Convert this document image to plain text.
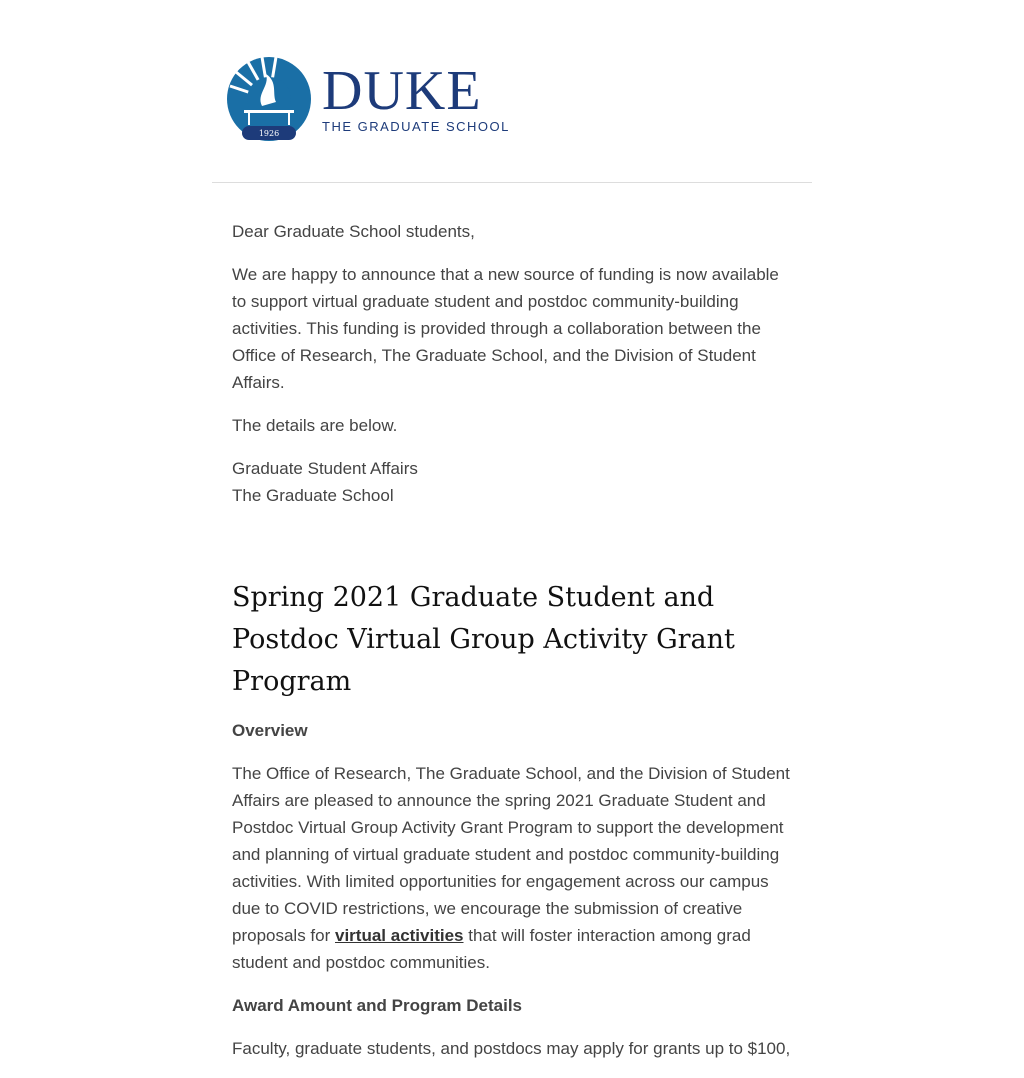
1926
DUKE
THE GRADUATE SCHOOL

Dear Graduate School students,

We are happy to announce that a new source of funding is now available to support virtual graduate student and postdoc community-building activities. This funding is provided through a collaboration between the Office of Research, The Graduate School, and the Division of Student Affairs.

The details are below.

Graduate Student Affairs
The Graduate School

Spring 2021 Graduate Student and Postdoc Virtual Group Activity Grant Program

Overview

The Office of Research, The Graduate School, and the Division of Student Affairs are pleased to announce the spring 2021 Graduate Student and Postdoc Virtual Group Activity Grant Program to support the development and planning of virtual graduate student and postdoc community-building activities. With limited opportunities for engagement across our campus due to COVID restrictions, we encourage the submission of creative proposals for virtual activities that will foster interaction among grad student and postdoc communities.

Award Amount and Program Details

Faculty, graduate students, and postdocs may apply for grants up to $100,
